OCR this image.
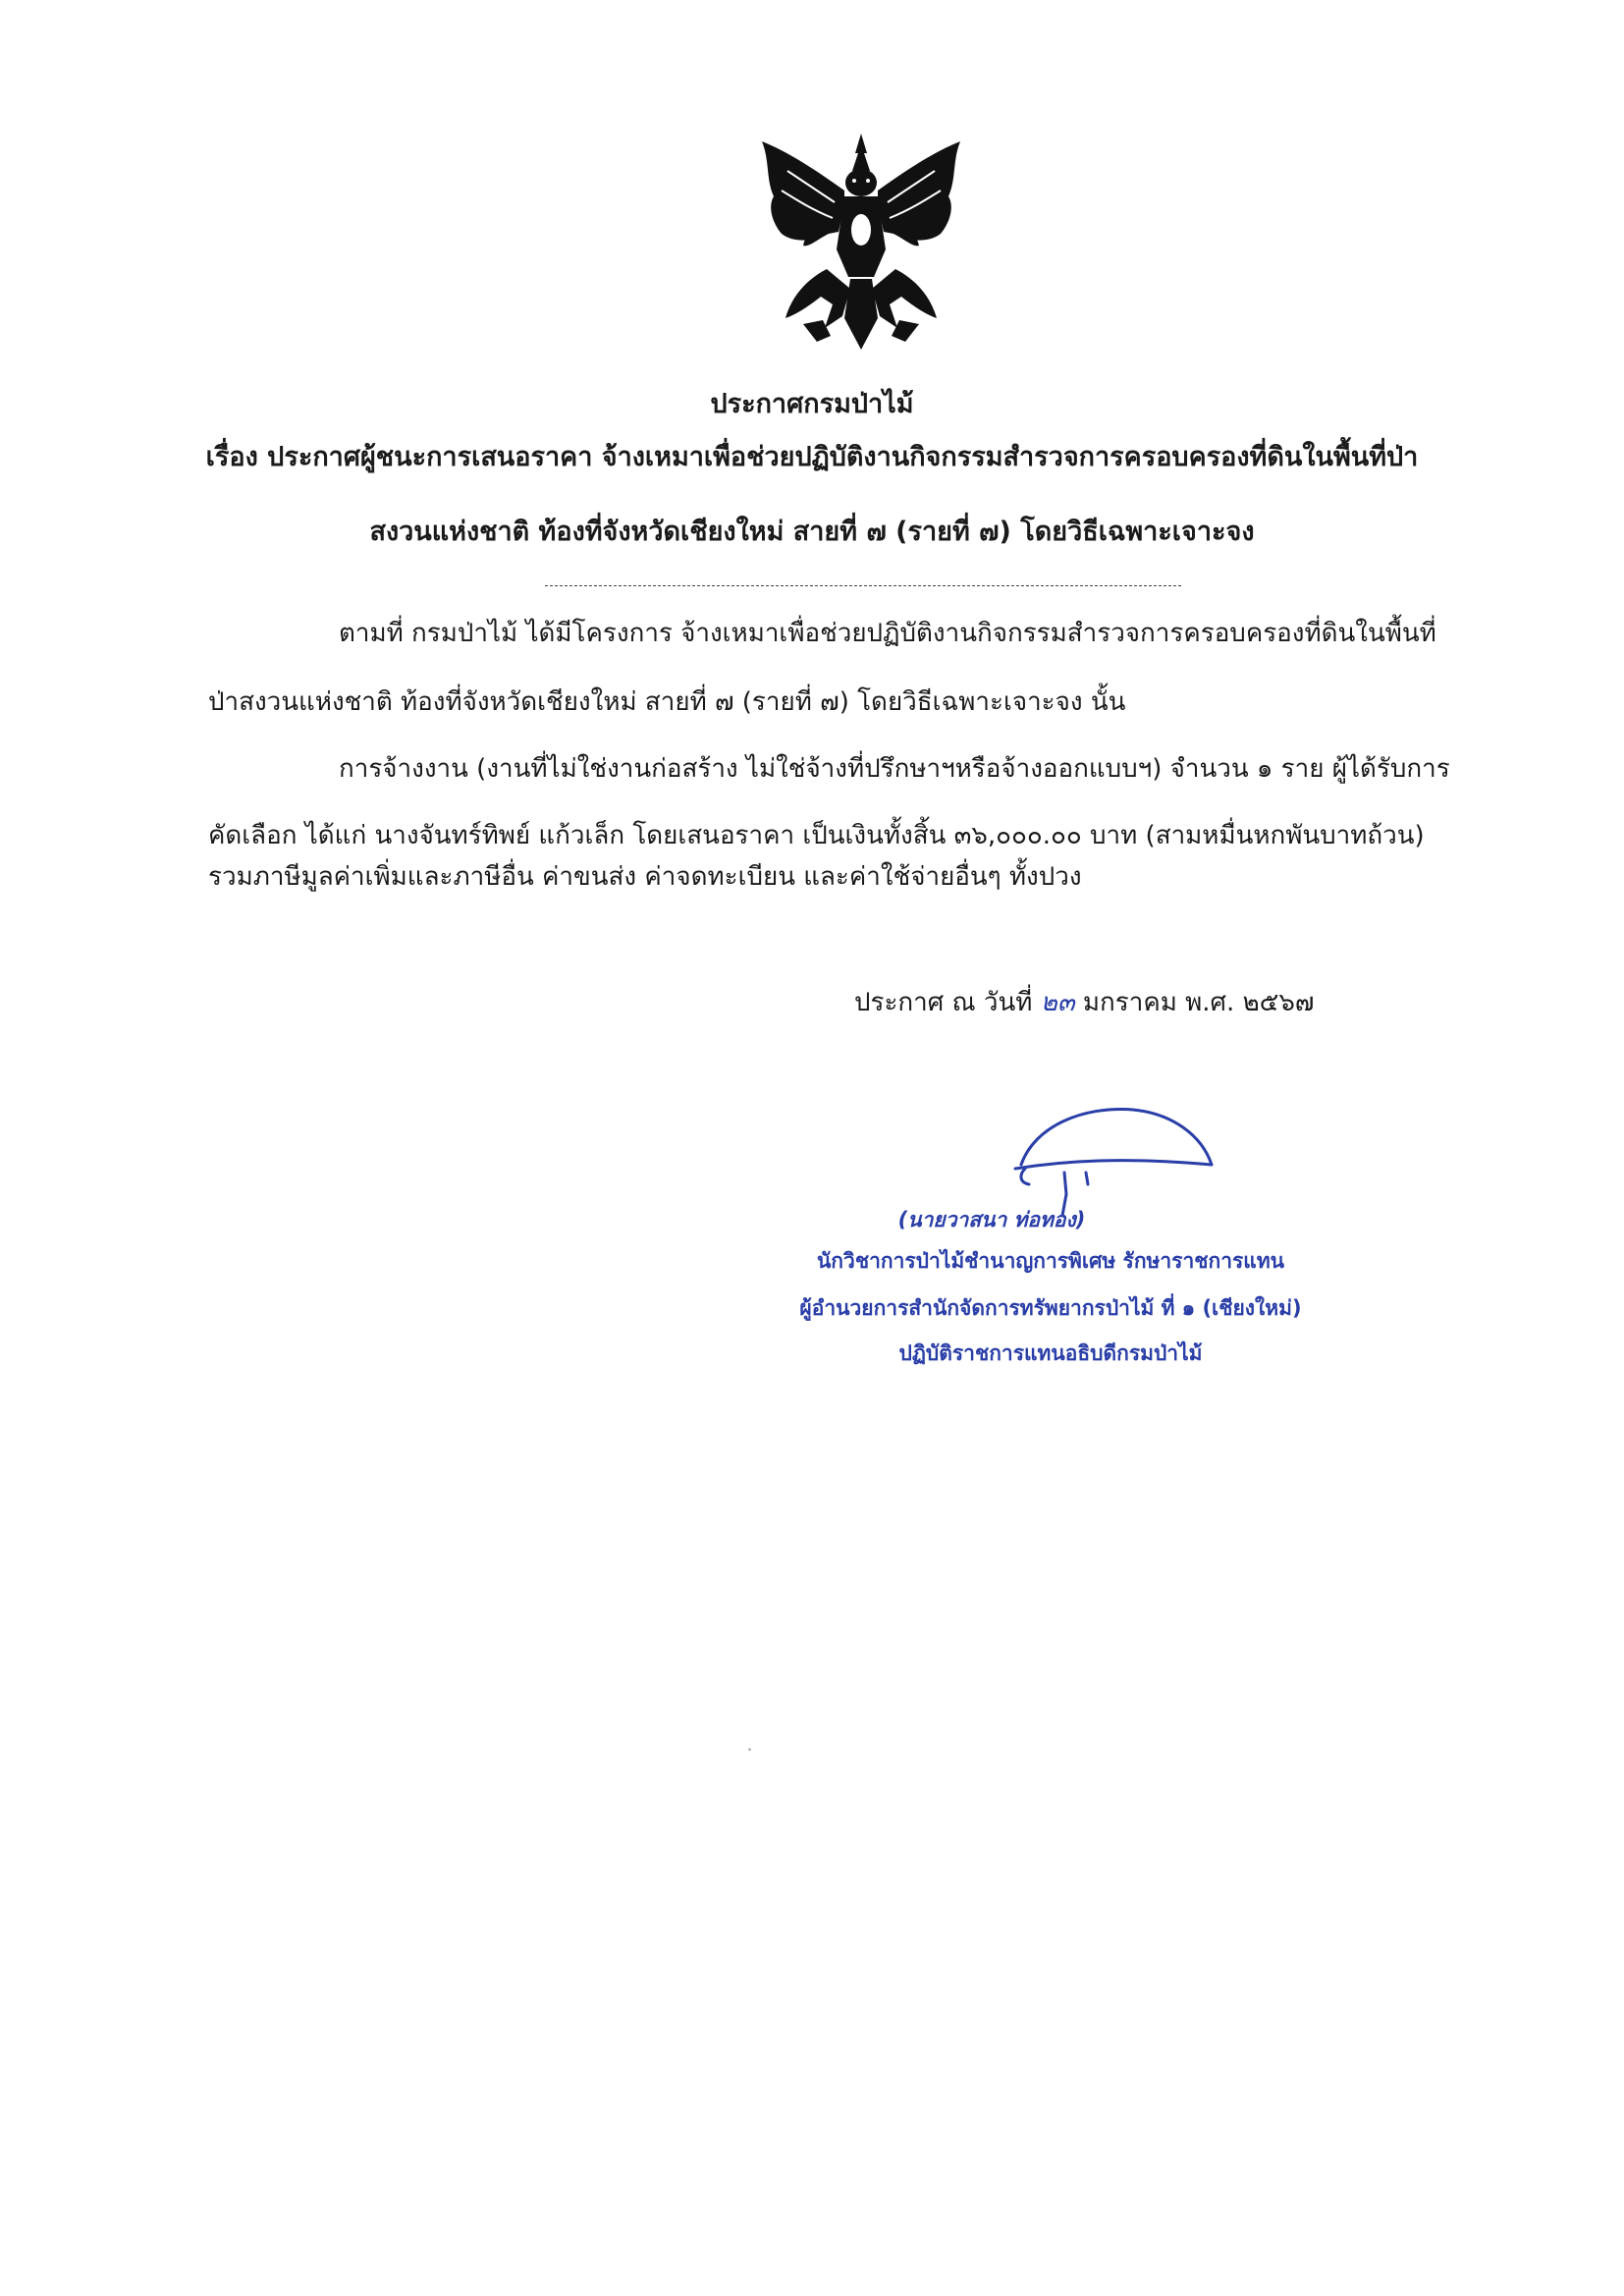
ประกาศกรมป่าไม้
เรื่อง ประกาศผู้ชนะการเสนอราคา จ้างเหมาเพื่อช่วยปฏิบัติงานกิจกรรมสำรวจการครอบครองที่ดินในพื้นที่ป่า
สงวนแห่งชาติ ท้องที่จังหวัดเชียงใหม่ สายที่ ๗ (รายที่ ๗) โดยวิธีเฉพาะเจาะจง
ตามที่ กรมป่าไม้ ได้มีโครงการ จ้างเหมาเพื่อช่วยปฏิบัติงานกิจกรรมสำรวจการครอบครองที่ดินในพื้นที่
ป่าสงวนแห่งชาติ ท้องที่จังหวัดเชียงใหม่ สายที่ ๗ (รายที่ ๗) โดยวิธีเฉพาะเจาะจง นั้น
การจ้างงาน (งานที่ไม่ใช่งานก่อสร้าง ไม่ใช่จ้างที่ปรึกษาฯหรือจ้างออกแบบฯ) จำนวน ๑ ราย ผู้ได้รับการ
คัดเลือก ได้แก่ นางจันทร์ทิพย์ แก้วเล็ก โดยเสนอราคา เป็นเงินทั้งสิ้น ๓๖,๐๐๐.๐๐ บาท (สามหมื่นหกพันบาทถ้วน)
รวมภาษีมูลค่าเพิ่มและภาษีอื่น ค่าขนส่ง ค่าจดทะเบียน และค่าใช้จ่ายอื่นๆ ทั้งปวง
ประกาศ ณ วันที่ ๒๓ มกราคม พ.ศ. ๒๕๖๗
(นายวาสนา ท่อทอง)
นักวิชาการป่าไม้ชำนาญการพิเศษ รักษาราชการแทน
ผู้อำนวยการสำนักจัดการทรัพยากรป่าไม้ ที่ ๑ (เชียงใหม่)
ปฏิบัติราชการแทนอธิบดีกรมป่าไม้
